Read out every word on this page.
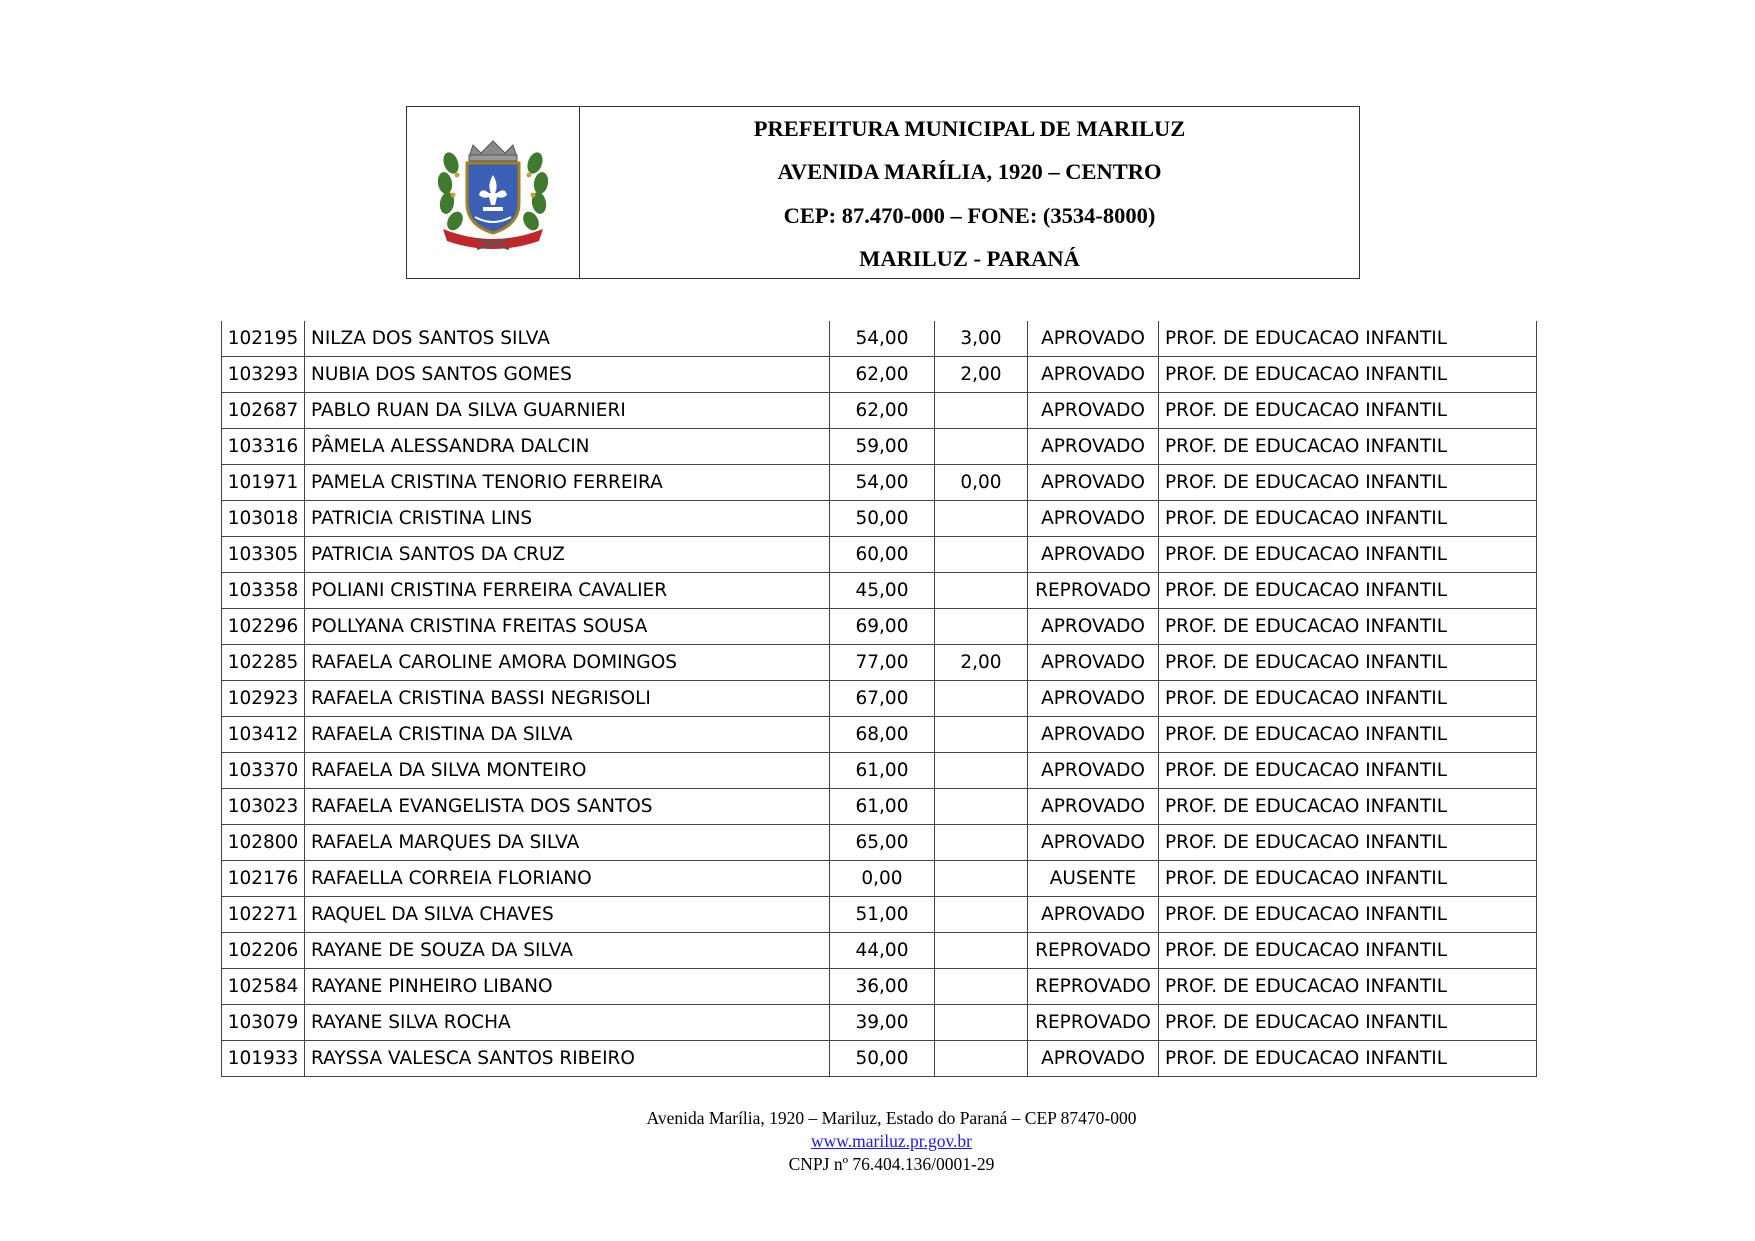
PREFEITURA MUNICIPAL DE MARILUZ
AVENIDA MARÍLIA, 1920 – CENTRO
CEP: 87.470-000 – FONE: (3534-8000)
MARILUZ - PARANÁ
102195	NILZA DOS SANTOS SILVA	54,00	3,00	APROVADO	PROF. DE EDUCACAO INFANTIL
103293	NUBIA DOS SANTOS GOMES	62,00	2,00	APROVADO	PROF. DE EDUCACAO INFANTIL
102687	PABLO RUAN DA SILVA GUARNIERI	62,00		APROVADO	PROF. DE EDUCACAO INFANTIL
103316	PÂMELA ALESSANDRA DALCIN	59,00		APROVADO	PROF. DE EDUCACAO INFANTIL
101971	PAMELA CRISTINA TENORIO FERREIRA	54,00	0,00	APROVADO	PROF. DE EDUCACAO INFANTIL
103018	PATRICIA CRISTINA LINS	50,00		APROVADO	PROF. DE EDUCACAO INFANTIL
103305	PATRICIA SANTOS DA CRUZ	60,00		APROVADO	PROF. DE EDUCACAO INFANTIL
103358	POLIANI CRISTINA FERREIRA CAVALIER	45,00		REPROVADO	PROF. DE EDUCACAO INFANTIL
102296	POLLYANA CRISTINA FREITAS SOUSA	69,00		APROVADO	PROF. DE EDUCACAO INFANTIL
102285	RAFAELA CAROLINE AMORA DOMINGOS	77,00	2,00	APROVADO	PROF. DE EDUCACAO INFANTIL
102923	RAFAELA CRISTINA BASSI NEGRISOLI	67,00		APROVADO	PROF. DE EDUCACAO INFANTIL
103412	RAFAELA CRISTINA DA SILVA	68,00		APROVADO	PROF. DE EDUCACAO INFANTIL
103370	RAFAELA DA SILVA MONTEIRO	61,00		APROVADO	PROF. DE EDUCACAO INFANTIL
103023	RAFAELA EVANGELISTA DOS SANTOS	61,00		APROVADO	PROF. DE EDUCACAO INFANTIL
102800	RAFAELA MARQUES DA SILVA	65,00		APROVADO	PROF. DE EDUCACAO INFANTIL
102176	RAFAELLA CORREIA FLORIANO	0,00		AUSENTE	PROF. DE EDUCACAO INFANTIL
102271	RAQUEL DA SILVA CHAVES	51,00		APROVADO	PROF. DE EDUCACAO INFANTIL
102206	RAYANE DE SOUZA DA SILVA	44,00		REPROVADO	PROF. DE EDUCACAO INFANTIL
102584	RAYANE PINHEIRO LIBANO	36,00		REPROVADO	PROF. DE EDUCACAO INFANTIL
103079	RAYANE SILVA ROCHA	39,00		REPROVADO	PROF. DE EDUCACAO INFANTIL
101933	RAYSSA VALESCA SANTOS RIBEIRO	50,00		APROVADO	PROF. DE EDUCACAO INFANTIL
Avenida Marília, 1920 – Mariluz, Estado do Paraná – CEP 87470-000
www.mariluz.pr.gov.br
CNPJ nº 76.404.136/0001-29
